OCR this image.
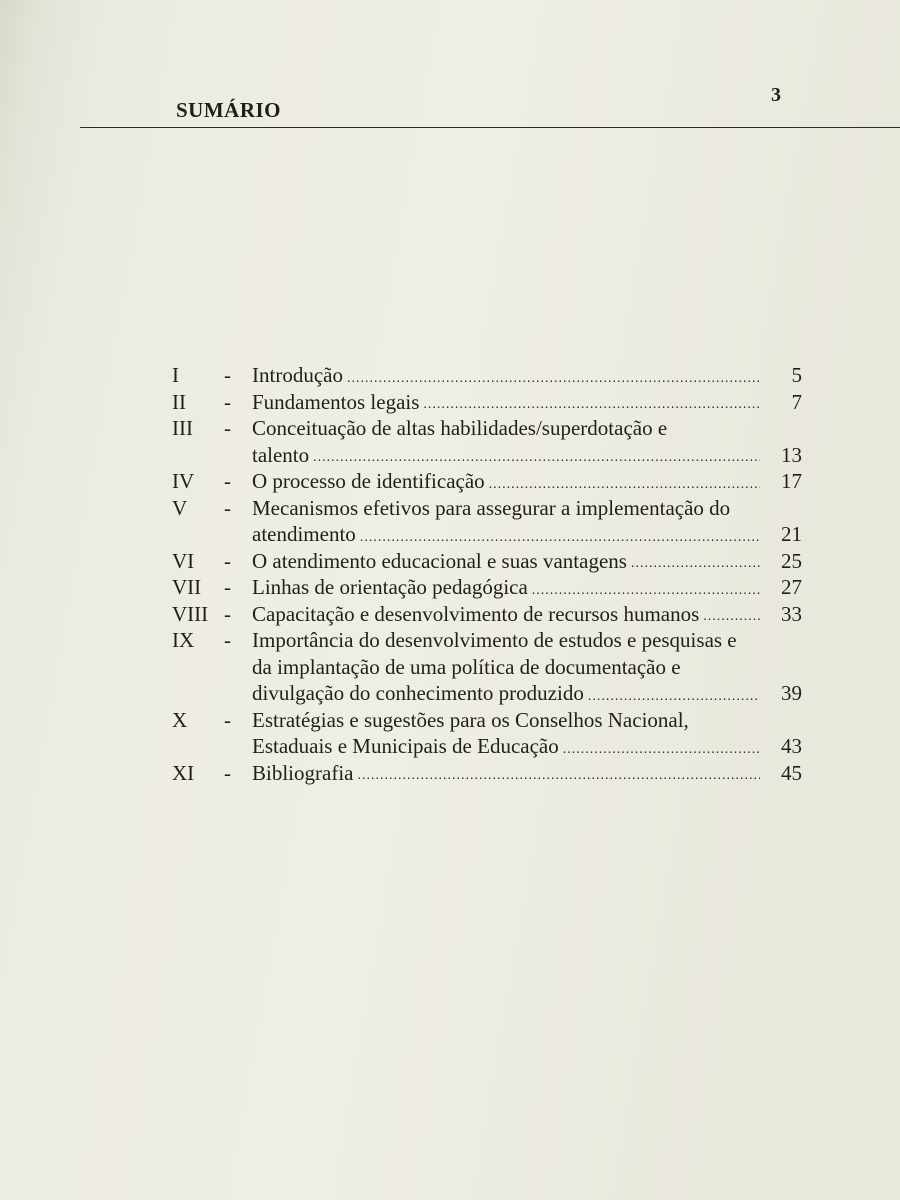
SUMÁRIO
3
I	-	Introdução .....	5
II	-	Fundamentos legais .....	7
III	-	Conceituação de altas habilidades/superdotação e
talento .....	13
IV	-	O processo de identificação .....	17
V	-	Mecanismos efetivos para assegurar a implementação do
atendimento .....	21
VI	-	O atendimento educacional e suas vantagens .....	25
VII	-	Linhas de orientação pedagógica .....	27
VIII -	Capacitação e desenvolvimento de recursos humanos .....	33
IX	-	Importância do desenvolvimento de estudos e pesquisas e
da implantação de uma política de documentação e
divulgação do conhecimento produzido .....	39
X	-	Estratégias e sugestões para os Conselhos Nacional,
Estaduais e Municipais de Educação .....	43
XI	-	Bibliografia .....	45
